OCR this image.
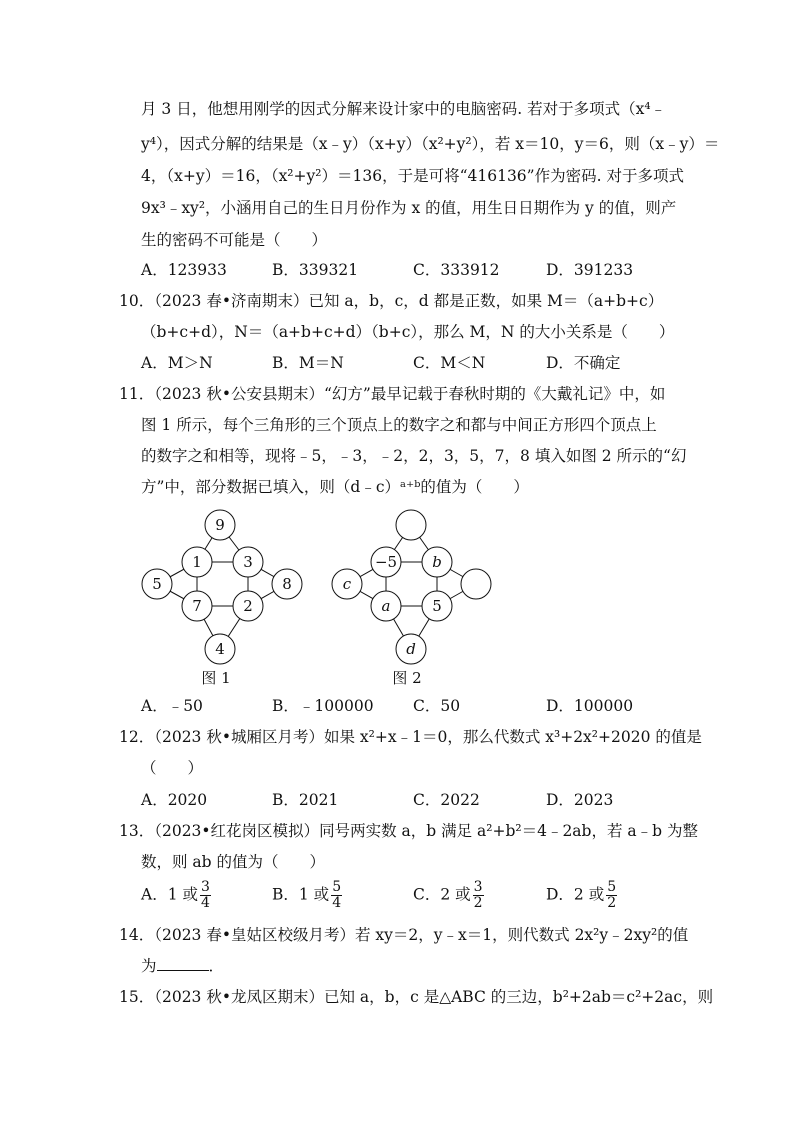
月 3 日，他想用刚学的因式分解来设计家中的电脑密码. 若对于多项式（x⁴﹣
y⁴），因式分解的结果是（x﹣y）（x+y）（x²+y²），若 x＝10，y＝6，则（x﹣y）＝
4，（x+y）＝16，（x²+y²）＝136，于是可将“416136”作为密码. 对于多项式
9x³﹣xy²，小涵用自己的生日月份作为 x 的值，用生日日期作为 y 的值，则产
生的密码不可能是（　　）
A．123933	B．339321	C．333912	D．391233
10．（2023 春•济南期末）已知 a，b，c，d 都是正数，如果 M＝（a+b+c）
（b+c+d），N＝（a+b+c+d）（b+c），那么 M，N 的大小关系是（　　）
A．M＞N	B．M＝N	C．M＜N	D．不确定
11．（2023 秋•公安县期末）“幻方”最早记载于春秋时期的《大戴礼记》中，如
图 1 所示，每个三角形的三个顶点上的数字之和都与中间正方形四个顶点上
的数字之和相等，现将﹣5，﹣3，﹣2，2，3，5，7，8 填入如图 2 所示的“幻
方”中，部分数据已填入，则（d﹣c）ᵃ⁺ᵇ的值为（　　）
9
1	3
5	8
7	2
4
图 1
−5 b
c
a	5
d
图 2
A．﹣50	B．﹣100000	C．50	D．100000
12．（2023 秋•城厢区月考）如果 x²+x﹣1＝0，那么代数式 x³+2x²+2020 的值是
（　　）
A．2020	B．2021	C．2022	D．2023
13．（2023•红花岗区模拟）同号两实数 a，b 满足 a²+b²＝4﹣2ab，若 a﹣b 为整
数，则 ab 的值为（　　）
A．1 或 $\frac{3}{4}$	B．1 或 $\frac{5}{4}$	C．2 或 $\frac{3}{2}$	D．2 或 $\frac{5}{2}$
14．（2023 春•皇姑区校级月考）若 xy＝2，y﹣x＝1，则代数式 2x²y﹣2xy²的值
为	．
15．（2023 秋•龙凤区期末）已知 a，b，c 是△ABC 的三边，b²+2ab＝c²+2ac，则
